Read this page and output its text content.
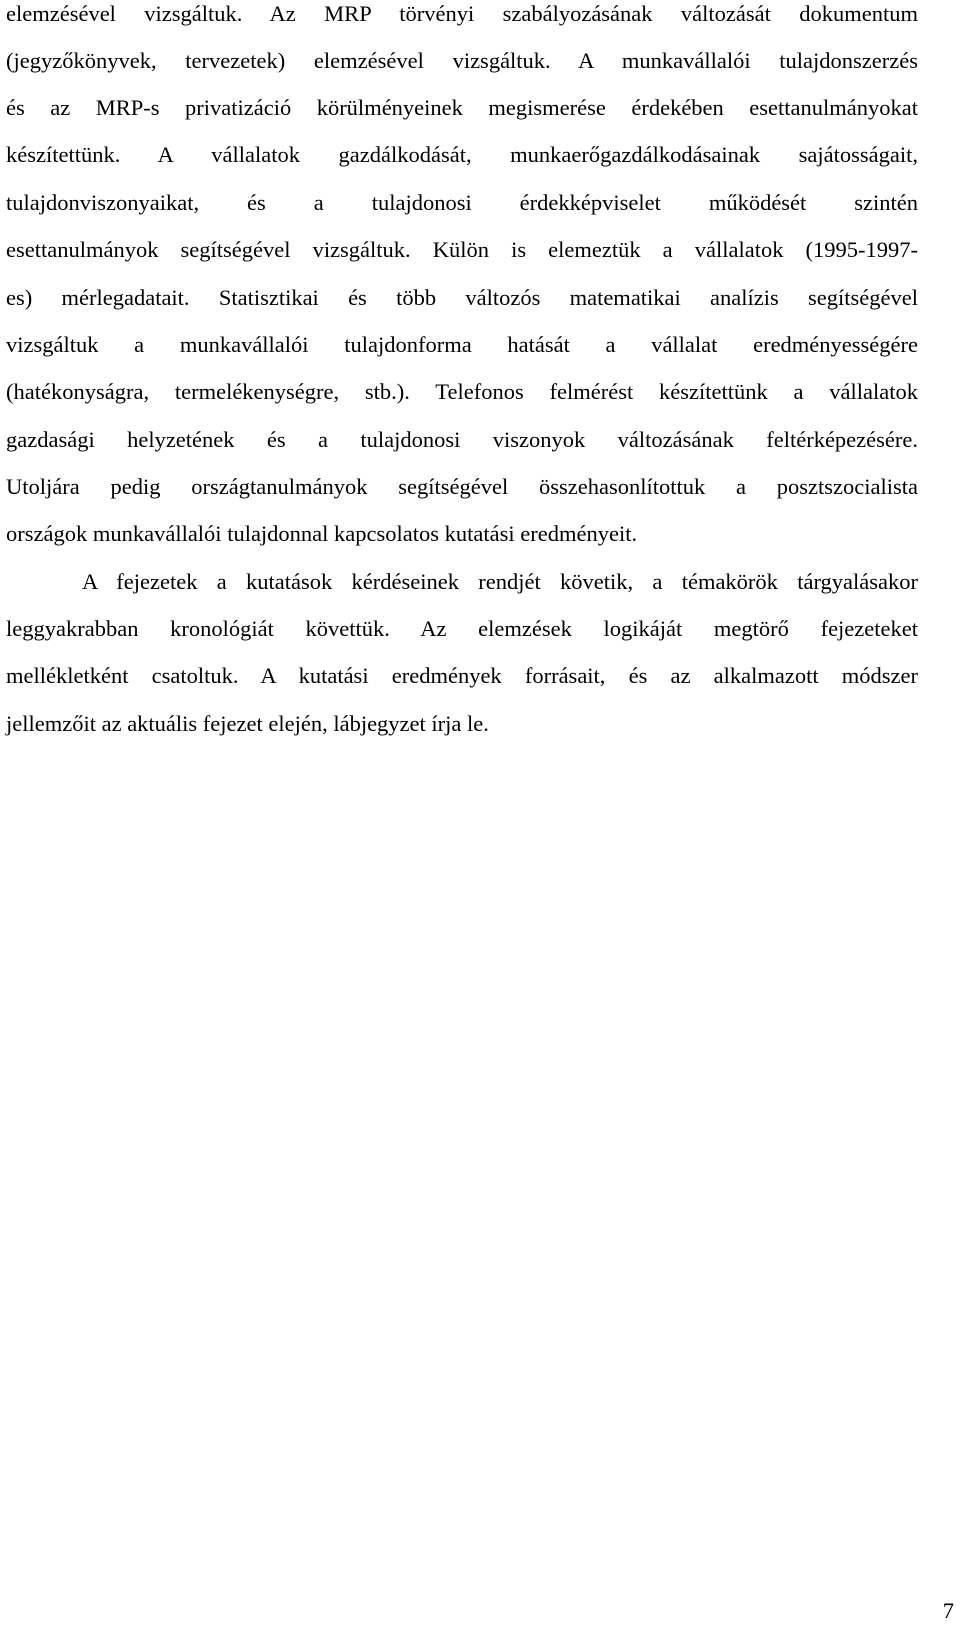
elemzésével vizsgáltuk. Az MRP törvényi szabályozásának változását dokumentum
(jegyzőkönyvek, tervezetek) elemzésével vizsgáltuk. A munkavállalói tulajdonszerzés
és az MRP-s privatizáció körülményeinek megismerése érdekében esettanulmányokat
készítettünk. A vállalatok gazdálkodását, munkaerőgazdálkodásainak sajátosságait,
tulajdonviszonyaikat, és a tulajdonosi érdekképviselet működését szintén
esettanulmányok segítségével vizsgáltuk. Külön is elemeztük a vállalatok (1995-1997-
es) mérlegadatait. Statisztikai és több változós matematikai analízis segítségével
vizsgáltuk a munkavállalói tulajdonforma hatását a vállalat eredményességére
(hatékonyságra, termelékenységre, stb.). Telefonos felmérést készítettünk a vállalatok
gazdasági helyzetének és a tulajdonosi viszonyok változásának feltérképezésére.
Utoljára pedig országtanulmányok segítségével összehasonlítottuk a posztszocialista
országok munkavállalói tulajdonnal kapcsolatos kutatási eredményeit.
A fejezetek a kutatások kérdéseinek rendjét követik, a témakörök tárgyalásakor
leggyakrabban kronológiát követtük. Az elemzések logikáját megtörő fejezeteket
mellékletként csatoltuk. A kutatási eredmények forrásait, és az alkalmazott módszer
jellemzőit az aktuális fejezet elején, lábjegyzet írja le.
7
